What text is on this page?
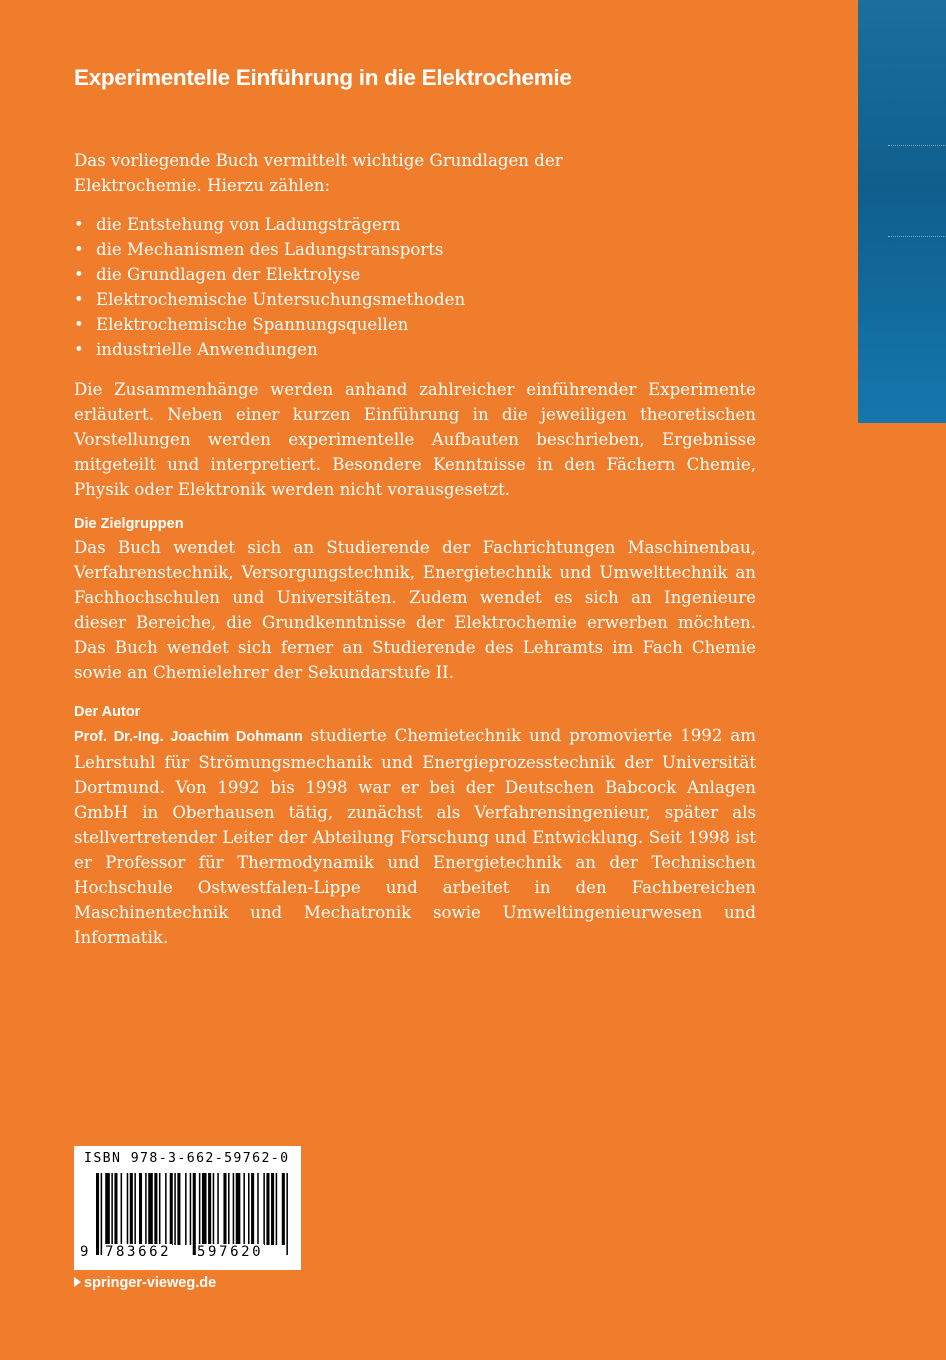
Experimentelle Einführung in die Elektrochemie

Das vorliegende Buch vermittelt wichtige Grundlagen der Elektrochemie. Hierzu zählen:

• die Entstehung von Ladungsträgern
• die Mechanismen des Ladungstransports
• die Grundlagen der Elektrolyse
• Elektrochemische Untersuchungsmethoden
• Elektrochemische Spannungsquellen
• industrielle Anwendungen

Die Zusammenhänge werden anhand zahlreicher einführender Experimente erläutert. Neben einer kurzen Einführung in die jeweiligen theoretischen Vorstellungen werden experimentelle Aufbauten beschrieben, Ergebnisse mitgeteilt und interpretiert. Besondere Kenntnisse in den Fächern Chemie, Physik oder Elektronik werden nicht vorausgesetzt.

Die Zielgruppen

Das Buch wendet sich an Studierende der Fachrichtungen Maschinenbau, Verfahrenstechnik, Versorgungstechnik, Energietechnik und Umwelttechnik an Fachhochschulen und Universitäten. Zudem wendet es sich an Ingenieure dieser Bereiche, die Grundkenntnisse der Elektrochemie erwerben möchten. Das Buch wendet sich ferner an Studierende des Lehramts im Fach Chemie sowie an Chemielehrer der Sekundarstufe II.

Der Autor

Prof. Dr.-Ing. Joachim Dohmann studierte Chemietechnik und promovierte 1992 am Lehrstuhl für Strömungsmechanik und Energieprozesstechnik der Universität Dortmund. Von 1992 bis 1998 war er bei der Deutschen Babcock Anlagen GmbH in Oberhausen tätig, zunächst als Verfahrensingenieur, später als stellvertretender Leiter der Abteilung Forschung und Entwicklung. Seit 1998 ist er Professor für Thermodynamik und Energietechnik an der Technischen Hochschule Ostwestfalen-Lippe und arbeitet in den Fachbereichen Maschinentechnik und Mechatronik sowie Umweltingenieurwesen und Informatik.

ISBN 978-3-662-59762-0
9 783662 597620
springer-vieweg.de
